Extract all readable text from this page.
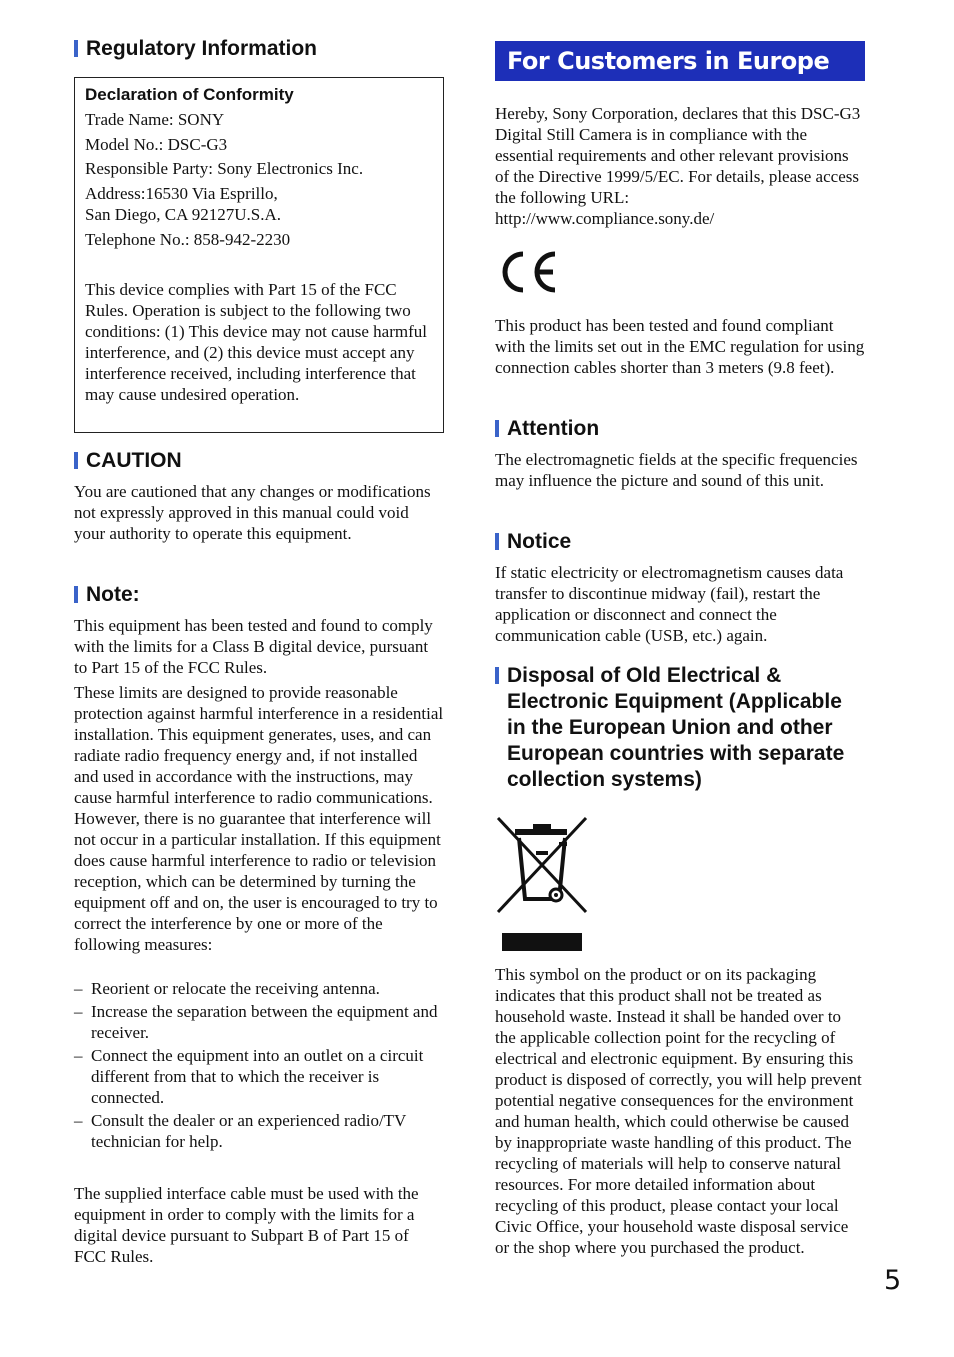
Regulatory Information
Declaration of Conformity
Trade Name: SONY
Model No.: DSC-G3
Responsible Party: Sony Electronics Inc.
Address:16530 Via Esprillo,
San Diego, CA 92127U.S.A.
Telephone No.: 858-942-2230
This device complies with Part 15 of the FCC Rules. Operation is subject to the following two conditions: (1) This device may not cause harmful interference, and (2) this device must accept any interference received, including interference that may cause undesired operation.
CAUTION
You are cautioned that any changes or modifications not expressly approved in this manual could void your authority to operate this equipment.
Note:
This equipment has been tested and found to comply with the limits for a Class B digital device, pursuant to Part 15 of the FCC Rules.
These limits are designed to provide reasonable protection against harmful interference in a residential installation. This equipment generates, uses, and can radiate radio frequency energy and, if not installed and used in accordance with the instructions, may cause harmful interference to radio communications. However, there is no guarantee that interference will not occur in a particular installation. If this equipment does cause harmful interference to radio or television reception, which can be determined by turning the equipment off and on, the user is encouraged to try to correct the interference by one or more of the following measures:
– Reorient or relocate the receiving antenna.
– Increase the separation between the equipment and receiver.
– Connect the equipment into an outlet on a circuit different from that to which the receiver is connected.
– Consult the dealer or an experienced radio/TV technician for help.
The supplied interface cable must be used with the equipment in order to comply with the limits for a digital device pursuant to Subpart B of Part 15 of FCC Rules.
For Customers in Europe
Hereby, Sony Corporation, declares that this DSC-G3 Digital Still Camera is in compliance with the essential requirements and other relevant provisions of the Directive 1999/5/EC. For details, please access the following URL:
http://www.compliance.sony.de/
This product has been tested and found compliant with the limits set out in the EMC regulation for using connection cables shorter than 3 meters (9.8 feet).
Attention
The electromagnetic fields at the specific frequencies may influence the picture and sound of this unit.
Notice
If static electricity or electromagnetism causes data transfer to discontinue midway (fail), restart the application or disconnect and connect the communication cable (USB, etc.) again.
Disposal of Old Electrical & Electronic Equipment (Applicable in the European Union and other European countries with separate collection systems)
This symbol on the product or on its packaging indicates that this product shall not be treated as household waste. Instead it shall be handed over to the applicable collection point for the recycling of electrical and electronic equipment. By ensuring this product is disposed of correctly, you will help prevent potential negative consequences for the environment and human health, which could otherwise be caused by inappropriate waste handling of this product. The recycling of materials will help to conserve natural resources. For more detailed information about recycling of this product, please contact your local Civic Office, your household waste disposal service or the shop where you purchased the product.
5
